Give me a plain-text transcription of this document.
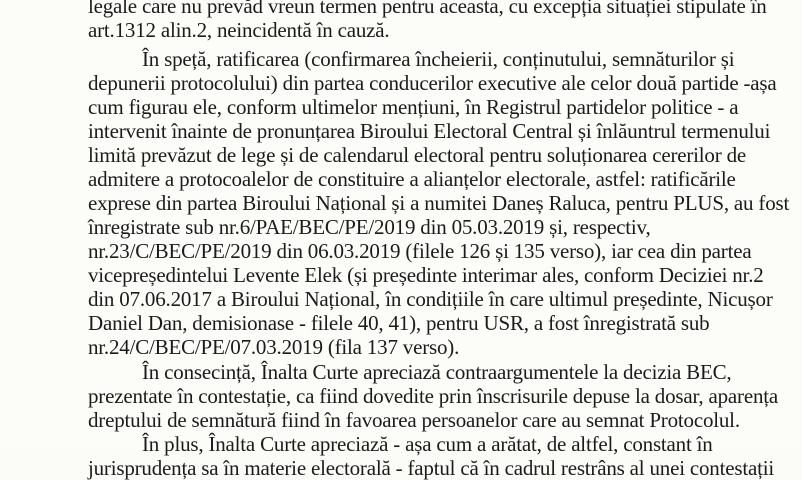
legale care nu prevăd vreun termen pentru aceasta, cu excepția situației stipulate în
art.1312 alin.2, neincidentă în cauză.
În speță, ratificarea (confirmarea încheierii, conținutului, semnăturilor și
depunerii protocolului) din partea conducerilor executive ale celor două partide -așa
cum figurau ele, conform ultimelor mențiuni, în Registrul partidelor politice - a
intervenit înainte de pronunțarea Biroului Electoral Central și înlăuntrul termenului
limită prevăzut de lege și de calendarul electoral pentru soluționarea cererilor de
admitere a protocoalelor de constituire a alianțelor electorale, astfel: ratificările
exprese din partea Biroului Național și a numitei Daneș Raluca, pentru PLUS, au fost
înregistrate sub nr.6/PAE/BEC/PE/2019 din 05.03.2019 și, respectiv,
nr.23/C/BEC/PE/2019 din 06.03.2019 (filele 126 și 135 verso), iar cea din partea
vicepreședintelui Levente Elek (și președinte interimar ales, conform Deciziei nr.2
din 07.06.2017 a Biroului Național, în condițiile în care ultimul președinte, Nicușor
Daniel Dan, demisionase - filele 40, 41), pentru USR, a fost înregistrată sub
nr.24/C/BEC/PE/07.03.2019 (fila 137 verso).
În consecință, Înalta Curte apreciază contraargumentele la decizia BEC,
prezentate în contestație, ca fiind dovedite prin înscrisurile depuse la dosar, aparența
dreptului de semnătură fiind în favoarea persoanelor care au semnat Protocolul.
În plus, Înalta Curte apreciază - așa cum a arătat, de altfel, constant în
jurisprudența sa în materie electorală - faptul că în cadrul restrâns al unei contestații
